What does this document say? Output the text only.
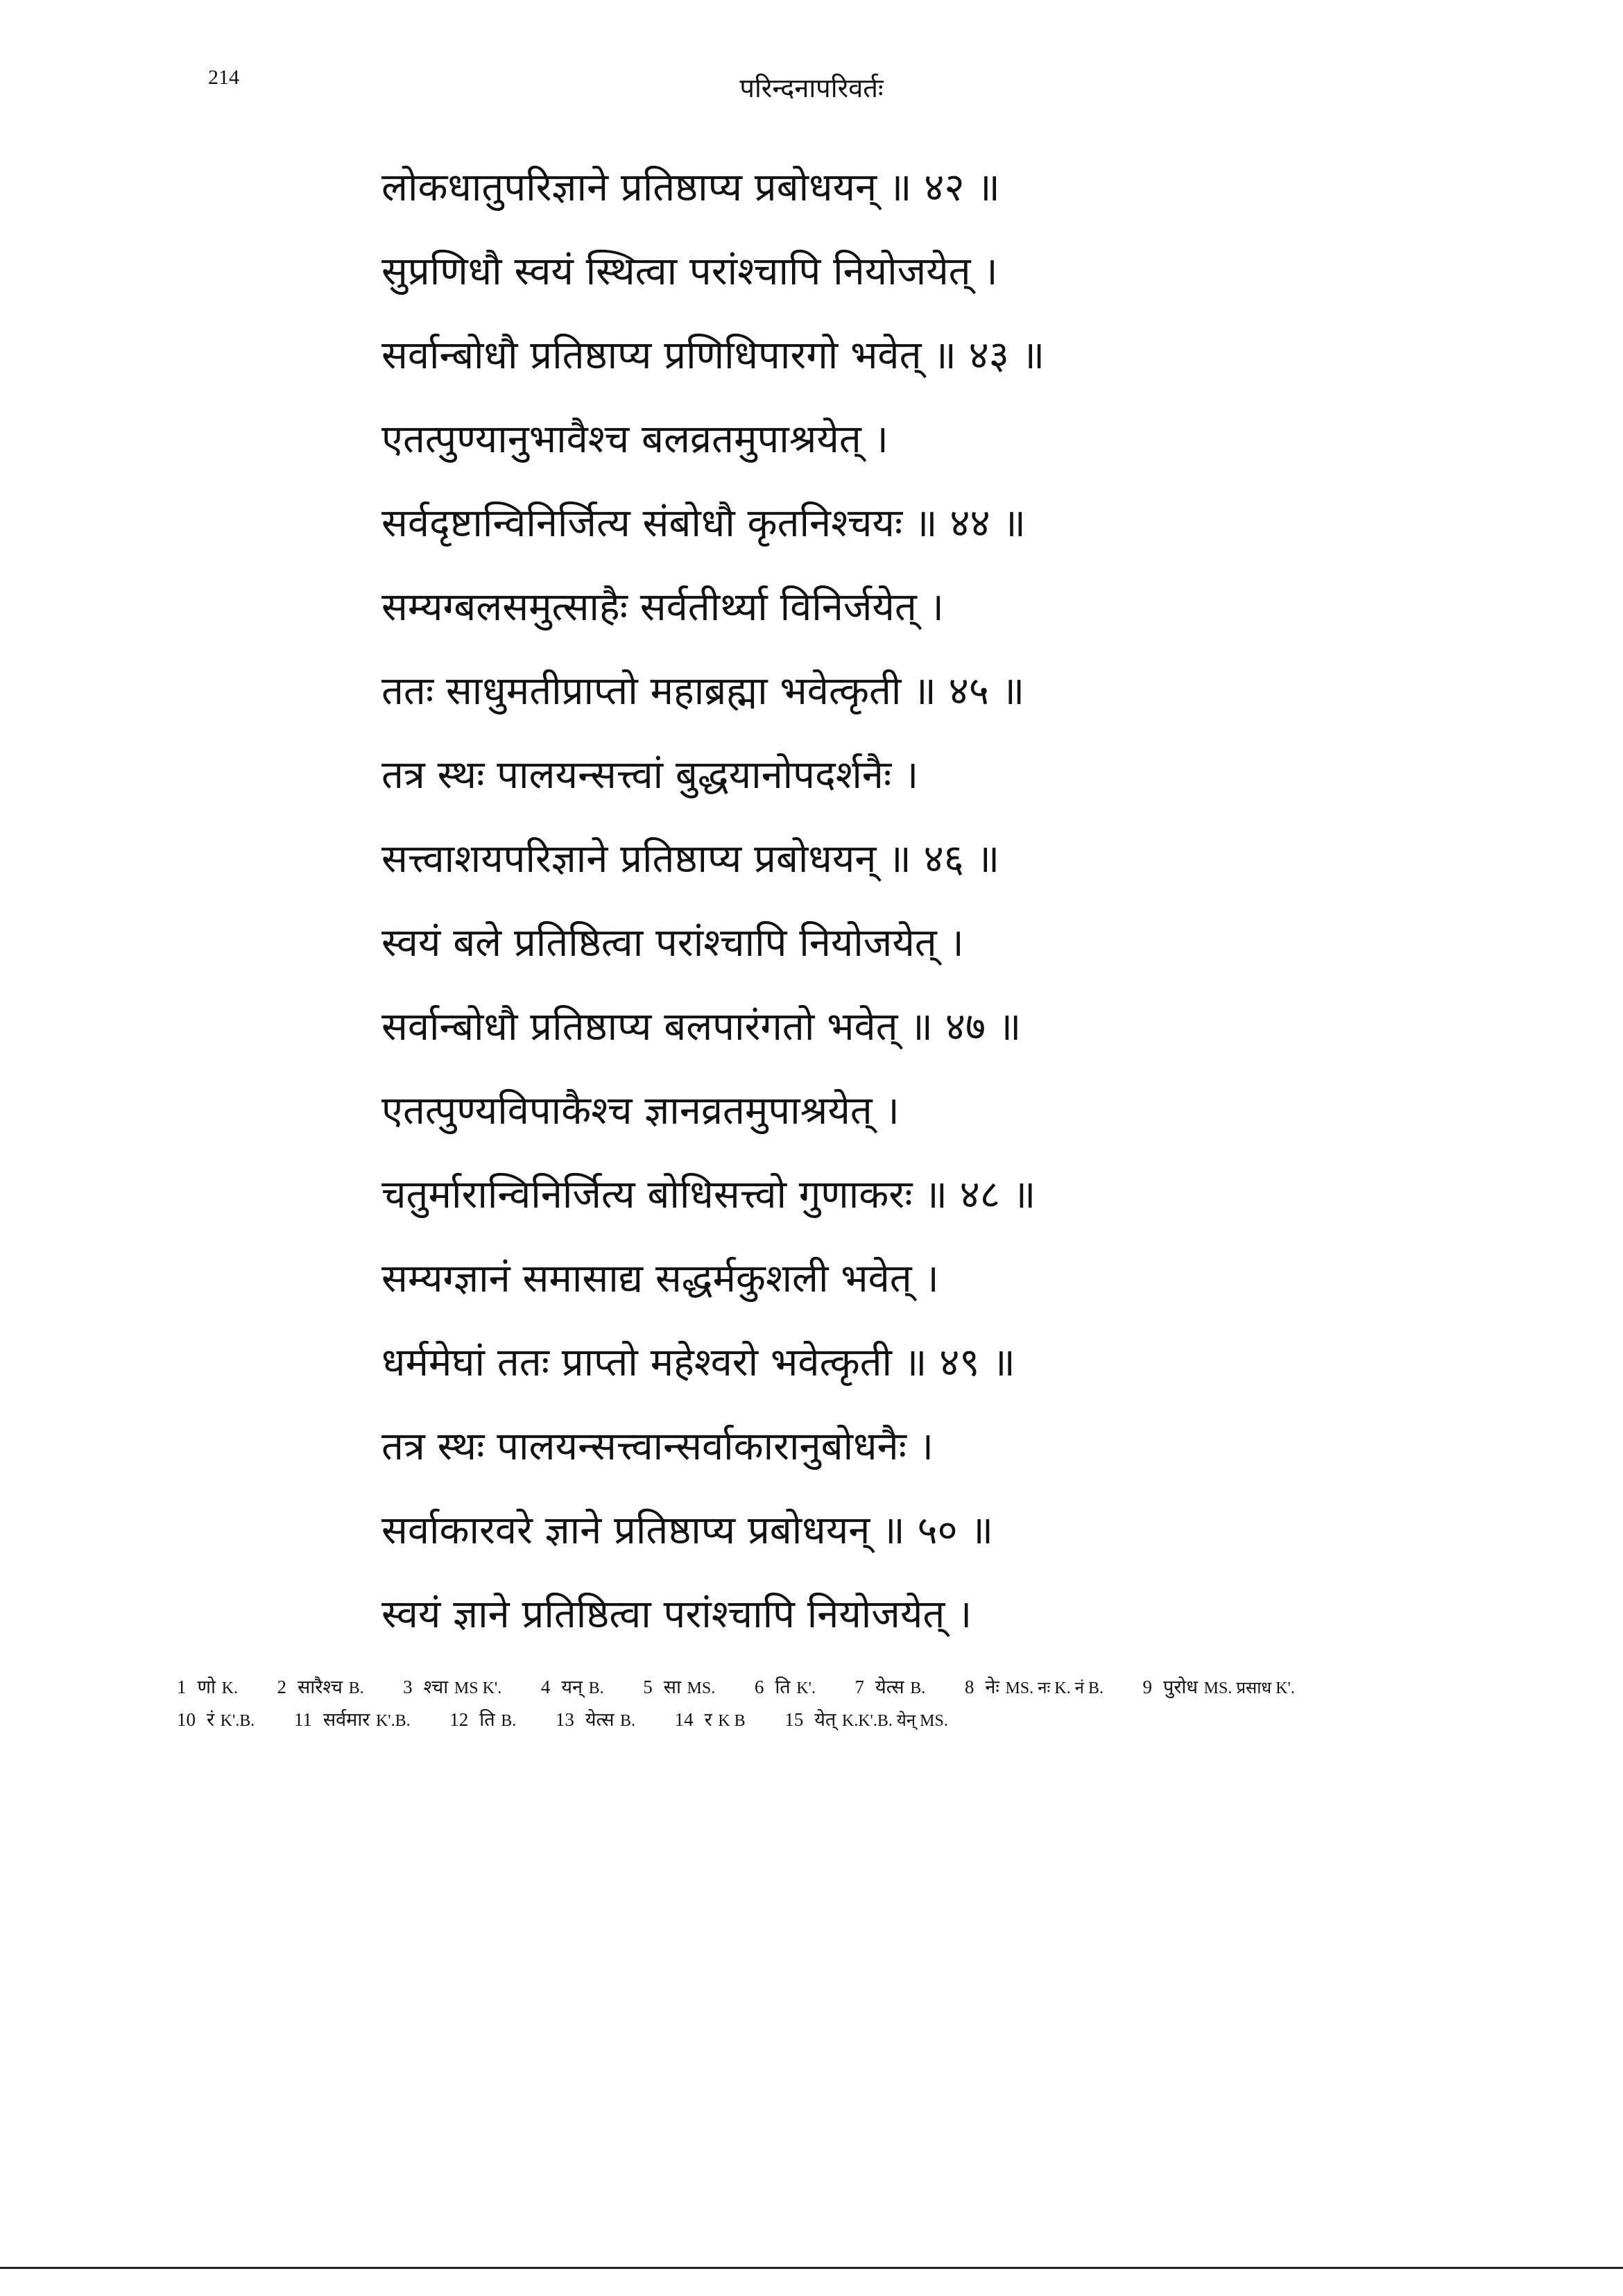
214	परिन्दनापरिवर्तः
लोकधातुपरिज्ञाने प्रतिष्ठाप्य प्रबोधयन् ॥ ४२ ॥
सुप्रणिधौ स्वयं स्थित्वा परांश्चापि नियोजयेत् ।
सर्वान्बोधौ प्रतिष्ठाप्य प्रणिधिपारगो भवेत् ॥ ४३ ॥
एतत्पुण्यानुभावैश्च बलव्रतमुपाश्रयेत् ।
सर्वदृष्टान्विनिर्जित्य संबोधौ कृतनिश्चयः ॥ ४४ ॥
सम्यग्बलसमुत्साहैः सर्वतीर्थ्या विनिर्जयेत् ।
ततः साधुमतीप्राप्तो महाब्रह्मा भवेत्कृती ॥ ४५ ॥
तत्र स्थः पालयन्सत्त्वां बुद्धयानोपदर्शनैः ।
सत्त्वाशयपरिज्ञाने प्रतिष्ठाप्य प्रबोधयन् ॥ ४६ ॥
स्वयं बले प्रतिष्ठित्वा परांश्चापि नियोजयेत् ।
सर्वान्बोधौ प्रतिष्ठाप्य बलपारंगतो भवेत् ॥ ४७ ॥
एतत्पुण्यविपाकैश्च ज्ञानव्रतमुपाश्रयेत् ।
चतुर्मारान्विनिर्जित्य बोधिसत्त्वो गुणाकरः ॥ ४८ ॥
सम्यग्ज्ञानं समासाद्य सद्धर्मकुशली भवेत् ।
धर्ममेघां ततः प्राप्तो महेश्वरो भवेत्कृती ॥ ४९ ॥
तत्र स्थः पालयन्सत्त्वान्सर्वाकारानुबोधनैः ।
सर्वाकारवरे ज्ञाने प्रतिष्ठाप्य प्रबोधयन् ॥ ५० ॥
स्वयं ज्ञाने प्रतिष्ठित्वा परांश्चापि नियोजयेत् ।
1 णो K. 2 सारैश्च B. 3 श्चा MS K'. 4 यन् B. 5 सा MS. 6 ति K'. 7 येत्स B. 8 नेः MS. नः K. नं B. 9 पुरोध MS. प्रसाध K'. 10 रं K'.B. 11 सर्वमार K'.B. 12 ति B. 13 येत्स B. 14 र K B 15 येत् K.K'.B. येन् MS.
